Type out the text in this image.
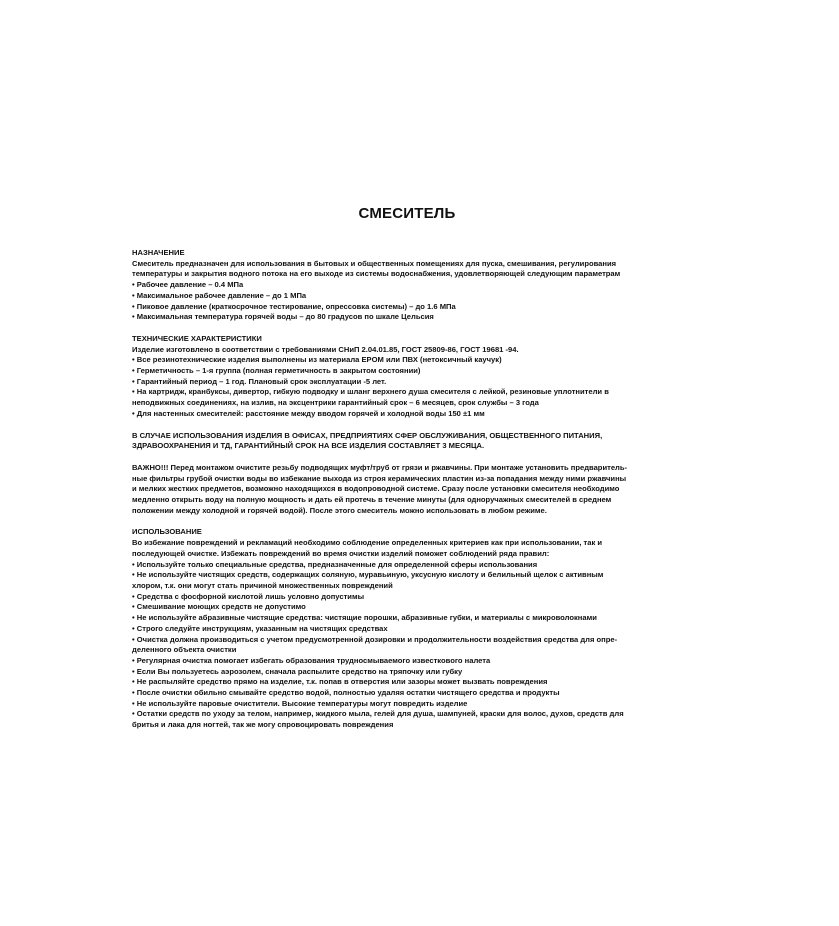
СМЕСИТЕЛЬ
НАЗНАЧЕНИЕ
Смеситель предназначен для использования в бытовых и общественных помещениях для пуска, смешивания, регулирования
температуры и закрытия водного потока на его выходе из системы водоснабжения, удовлетворяющей следующим параметрам
• Рабочее давление – 0.4 МПа
• Максимальное рабочее давление – до 1 МПа
• Пиковое давление (краткосрочное тестирование, опрессовка системы) – до 1.6 МПа
• Максимальная температура горячей воды – до 80 градусов по шкале Цельсия
ТЕХНИЧЕСКИЕ ХАРАКТЕРИСТИКИ
Изделие изготовлено в соответствии с требованиями СНиП 2.04.01.85, ГОСТ 25809-86, ГОСТ 19681 -94.
• Все резинотехнические изделия выполнены из материала EPOM или ПВХ (нетоксичный каучук)
• Герметичность – 1-я группа (полная герметичность в закрытом состоянии)
• Гарантийный период – 1 год. Плановый срок эксплуатации -5 лет.
• На картридж, кранбуксы, дивертор, гибкую подводку и шланг верхнего душа смесителя с лейкой, резиновые уплотнители в
неподвижных соединениях, на излив, на эксцентрики гарантийный срок – 6 месяцев, срок службы – 3 года
• Для настенных смесителей: расстояние между вводом горячей и холодной воды 150 ±1 мм
В СЛУЧАЕ ИСПОЛЬЗОВАНИЯ ИЗДЕЛИЯ В ОФИСАХ, ПРЕДПРИЯТИЯХ СФЕР ОБСЛУЖИВАНИЯ, ОБЩЕСТВЕННОГО ПИТАНИЯ,
ЗДРАВООХРАНЕНИЯ И ТД, ГАРАНТИЙНЫЙ СРОК НА ВСЕ ИЗДЕЛИЯ СОСТАВЛЯЕТ 3 МЕСЯЦА.
ВАЖНО!!! Перед монтажом очистите резьбу подводящих муфт/труб от грязи и ржавчины. При монтаже установить предваритель-
ные фильтры грубой очистки воды во избежание выхода из строя керамических пластин из-за попадания между ними ржавчины
и мелких жестких предметов, возможно находящихся в водопроводной системе. Сразу после установки смесителя необходимо
медленно открыть воду на полную мощность и дать ей протечь в течение минуты (для одноручажных смесителей в среднем
положении между холодной и горячей водой). После этого смеситель можно использовать в любом режиме.
ИСПОЛЬЗОВАНИЕ
Во избежание повреждений и рекламаций необходимо соблюдение определенных критериев как при использовании, так и
последующей очистке. Избежать повреждений во время очистки изделий поможет соблюдений ряда правил:
• Используйте только специальные средства, предназначенные для определенной сферы использования
• Не используйте чистящих средств, содержащих соляную, муравьиную, уксусную кислоту и белильный щелок с активным
хлором, т.к. они могут стать причиной множественных повреждений
• Средства с фосфорной кислотой лишь условно допустимы
• Смешивание моющих средств не допустимо
• Не используйте абразивные чистящие средства: чистящие порошки, абразивные губки, и материалы с микроволокнами
• Строго следуйте инструкциям, указанным на чистящих средствах
• Очистка должна производиться с учетом предусмотренной дозировки и продолжительности воздействия средства для опре-
деленного объекта очистки
• Регулярная очистка помогает избегать образования трудносмываемого известкового налета
• Если Вы пользуетесь аэрозолем, сначала распылите средство на тряпочку или губку
• Не распыляйте средство прямо на изделие, т.к. попав в отверстия или зазоры может вызвать повреждения
• После очистки обильно смывайте средство водой, полностью удаляя остатки чистящего средства и продукты
• Не используйте паровые очистители. Высокие температуры могут повредить изделие
• Остатки средств по уходу за телом, например, жидкого мыла, гелей для душа, шампуней, краски для волос, духов, средств для
бритья и лака для ногтей, так же могу спровоцировать повреждения
